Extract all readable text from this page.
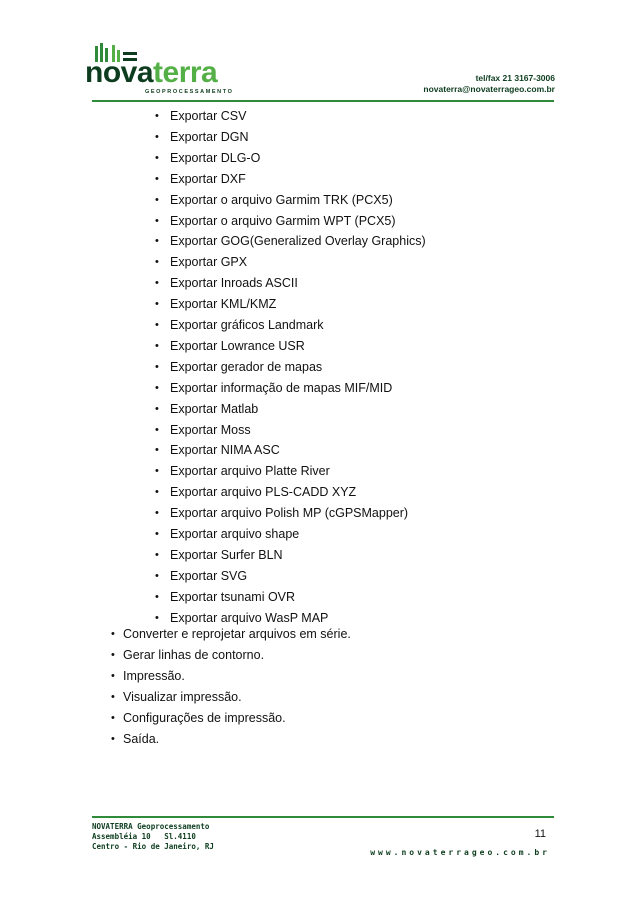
novaterra
GEOPROCESSAMENTO
tel/fax 21 3167-3006
novaterra@novaterrageo.com.br
• Exportar CSV
• Exportar DGN
• Exportar DLG-O
• Exportar DXF
• Exportar o arquivo Garmim TRK (PCX5)
• Exportar o arquivo Garmim WPT (PCX5)
• Exportar GOG(Generalized Overlay Graphics)
• Exportar GPX
• Exportar Inroads ASCII
• Exportar KML/KMZ
• Exportar gráficos Landmark
• Exportar Lowrance USR
• Exportar gerador de mapas
• Exportar informação de mapas MIF/MID
• Exportar Matlab
• Exportar Moss
• Exportar NIMA ASC
• Exportar arquivo Platte River
• Exportar arquivo PLS-CADD XYZ
• Exportar arquivo Polish MP (cGPSMapper)
• Exportar arquivo shape
• Exportar Surfer BLN
• Exportar SVG
• Exportar tsunami OVR
• Exportar arquivo WasP MAP
• Converter e reprojetar arquivos em série.
• Gerar linhas de contorno.
• Impressão.
• Visualizar impressão.
• Configurações de impressão.
• Saída.
NOVATERRA Geoprocessamento
Assembléia 10   Sl.4110
Centro - Rio de Janeiro, RJ
11
www.novaterrageo.com.br
